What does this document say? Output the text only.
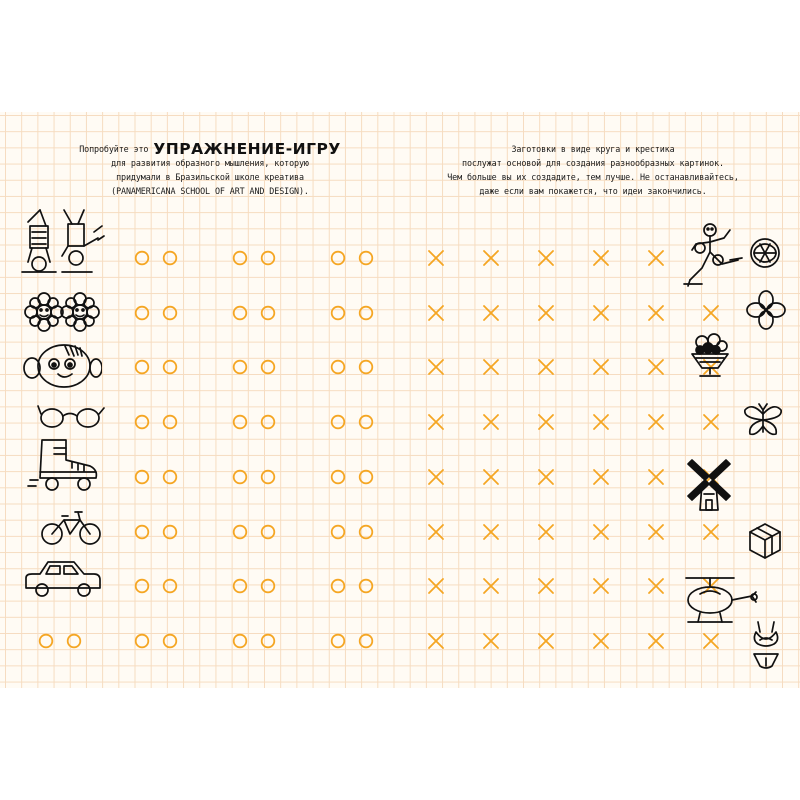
Попробуйте это УПРАЖНЕНИЕ-ИГРУ
для развития образного мышления, которую
придумали в Бразильской школе креатива
(PANAMERICANA SCHOOL OF ART AND DESIGN).
Заготовки в виде круга и крестика
послужат основой для создания разнообразных картинок.
Чем больше вы их создадите, тем лучше. Не останавливайтесь,
даже если вам покажется, что идеи закончились.
